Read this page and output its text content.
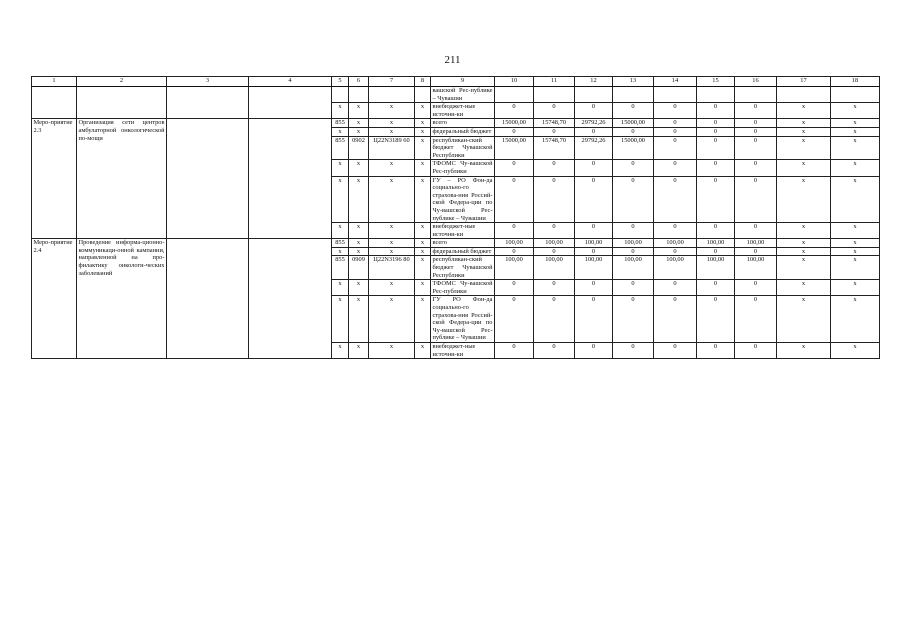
211
1	2	3	4	5	6	7	8	9	10	11	12	13	14	15	16	17	18
								вашской Рес-публике – Чувашии									
				x	x	x	x	внебюджет-ные источни-ки	0	0	0	0	0	0	0	x	x
Меро-приятие 2.3	Организация сети центров амбулаторной онкологической по-мощи			855	x	x	x	всего	15000,00	15748,70	29792,26	15000,00	0	0	0	x	x
				x	x	x	x	федеральный бюджет	0	0	0	0	0	0	0	x	x
				855	0902	Ц22N3189 60	x	республикан-ский бюджет Чувашской Республики	15000,00	15748,70	29792,26	15000,00	0	0	0	x	x
				x	x	x	x	ТФОМС Чу-вашской Рес-публики	0	0	0	0	0	0	0	x	x
				x	x	x	x	ГУ – РО Фон-да социально-го страхова-ния Россий-ской Федера-ции по Чу-вашской Рес-публике – Чувашии	0	0	0	0	0	0	0	x	x
				x	x	x	x	внебюджет-ные источни-ки	0	0	0	0	0	0	0	x	x
Меро-приятие 2.4	Проведение информа-ционно-коммуникаци-онной кампании, направленной на про-филактику онкологи-ческих заболеваний			855	x	x	x	всего	100,00	100,00	100,00	100,00	100,00	100,00	100,00	x	x
				x	x	x	x	федеральный бюджет	0	0	0	0	0	0	0	x	x
				855	0909	Ц22N3196 80	x	республикан-ский бюджет Чувашской Республики	100,00	100,00	100,00	100,00	100,00	100,00	100,00	x	x
				x	x	x	x	ТФОМС Чу-вашской Рес-публики	0	0	0	0	0	0	0	x	x
				x	x	x	x	ГУ РО Фон-да социально-го страхова-ния Россий-ской Федера-ции по Чу-вашской Рес-публике – Чувашии	0	0	0	0	0	0	0	x	x
				x	x	x	x	внебюджет-ные источни-ки	0	0	0	0	0	0	0	x	x
